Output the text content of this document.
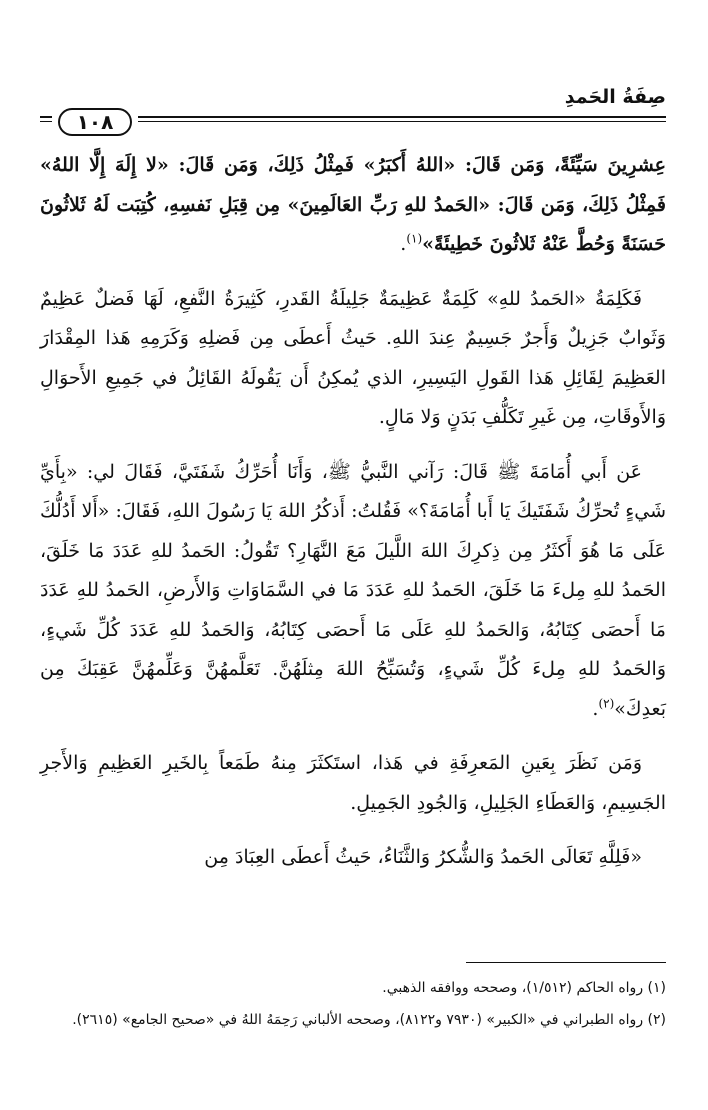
صِفَةُ الحَمدِ
١٠٨

عِشرِينَ سَيِّئَةً، وَمَن قَالَ: «اللهُ أَكبَرُ» فَمِثْلُ ذَلِكَ، وَمَن قَالَ: «لا إِلَهَ إِلَّا اللهُ» فَمِثْلُ ذَلِكَ، وَمَن قَالَ: «الحَمدُ للهِ رَبِّ العَالَمِينَ» مِن قِبَلِ نَفسِهِ، كُتِبَت لَهُ ثَلاثُونَ حَسَنَةً وَحُطَّ عَنْهُ ثَلاثُونَ خَطِيئَةً»$^{(١)}$.

فَكَلِمَةُ «الحَمدُ للهِ» كَلِمَةٌ عَظِيمَةٌ جَلِيلَةُ القَدرِ، كَثِيرَةُ النَّفعِ، لَهَا فَضلٌ عَظِيمٌ وَثَوابٌ جَزِيلٌ وَأَجرٌ جَسِيمٌ عِندَ اللهِ. حَيثُ أَعطَى مِن فَضلِهِ وَكَرَمِهِ هَذا المِقْدَارَ العَظِيمَ لِقَائِلِ هَذا القَولِ اليَسِيرِ، الذي يُمكِنُ أَن يَقُولَهُ القَائِلُ في جَمِيعِ الأَحوَالِ وَالأَوقَاتِ، مِن غَيرِ تَكَلُّفِ بَدَنٍ وَلا مَالٍ.

عَن أَبي أُمَامَةَ ﷺ قَالَ: رَآني النَّبيُّ ﷺ، وَأَنَا أُحَرِّكُ شَفَتَيَّ، فَقَالَ لي: «بِأَيِّ شَيءٍ تُحرِّكُ شَفَتَيكَ يَا أَبا أُمَامَةَ؟» فَقُلتُ: أَذكُرُ اللهَ يَا رَسُولَ اللهِ، فَقَالَ: «أَلا أَدُلُّكَ عَلَى مَا هُوَ أَكثَرُ مِن ذِكرِكَ اللهَ اللَّيلَ مَعَ النَّهَارِ؟ تَقُولُ: الحَمدُ للهِ عَدَدَ مَا خَلَقَ، الحَمدُ للهِ مِلءَ مَا خَلَقَ، الحَمدُ للهِ عَدَدَ مَا في السَّمَاوَاتِ وَالأَرضِ، الحَمدُ للهِ عَدَدَ مَا أَحصَى كِتَابُهُ، وَالحَمدُ للهِ عَلَى مَا أَحصَى كِتَابُهُ، وَالحَمدُ للهِ عَدَدَ كُلِّ شَيءٍ، وَالحَمدُ للهِ مِلءَ كُلِّ شَيءٍ، وَتُسَبِّحُ اللهَ مِثلَهُنَّ. تَعَلَّمهُنَّ وَعَلِّمهُنَّ عَقِبَكَ مِن بَعدِكَ»$^{(٢)}$.

وَمَن نَظَرَ بِعَينِ المَعرِفَةِ في هَذا، استَكثَرَ مِنهُ طَمَعاً بِالخَيرِ العَظِيمِ وَالأَجرِ الجَسِيمِ، وَالعَطَاءِ الجَلِيلِ، وَالجُودِ الجَمِيلِ.

«فَلِلَّهِ تَعَالَى الحَمدُ وَالشُّكرُ وَالثَّنَاءُ، حَيثُ أَعطَى العِبَادَ مِن

(١) رواه الحاكم (١/٥١٢)، وصححه ووافقه الذهبي.

(٢) رواه الطبراني في «الكبير» (٧٩٣٠ و٨١٢٢)، وصححه الألباني رَحِمَهُ اللهُ في «صحيح الجامع» (٢٦١٥).
